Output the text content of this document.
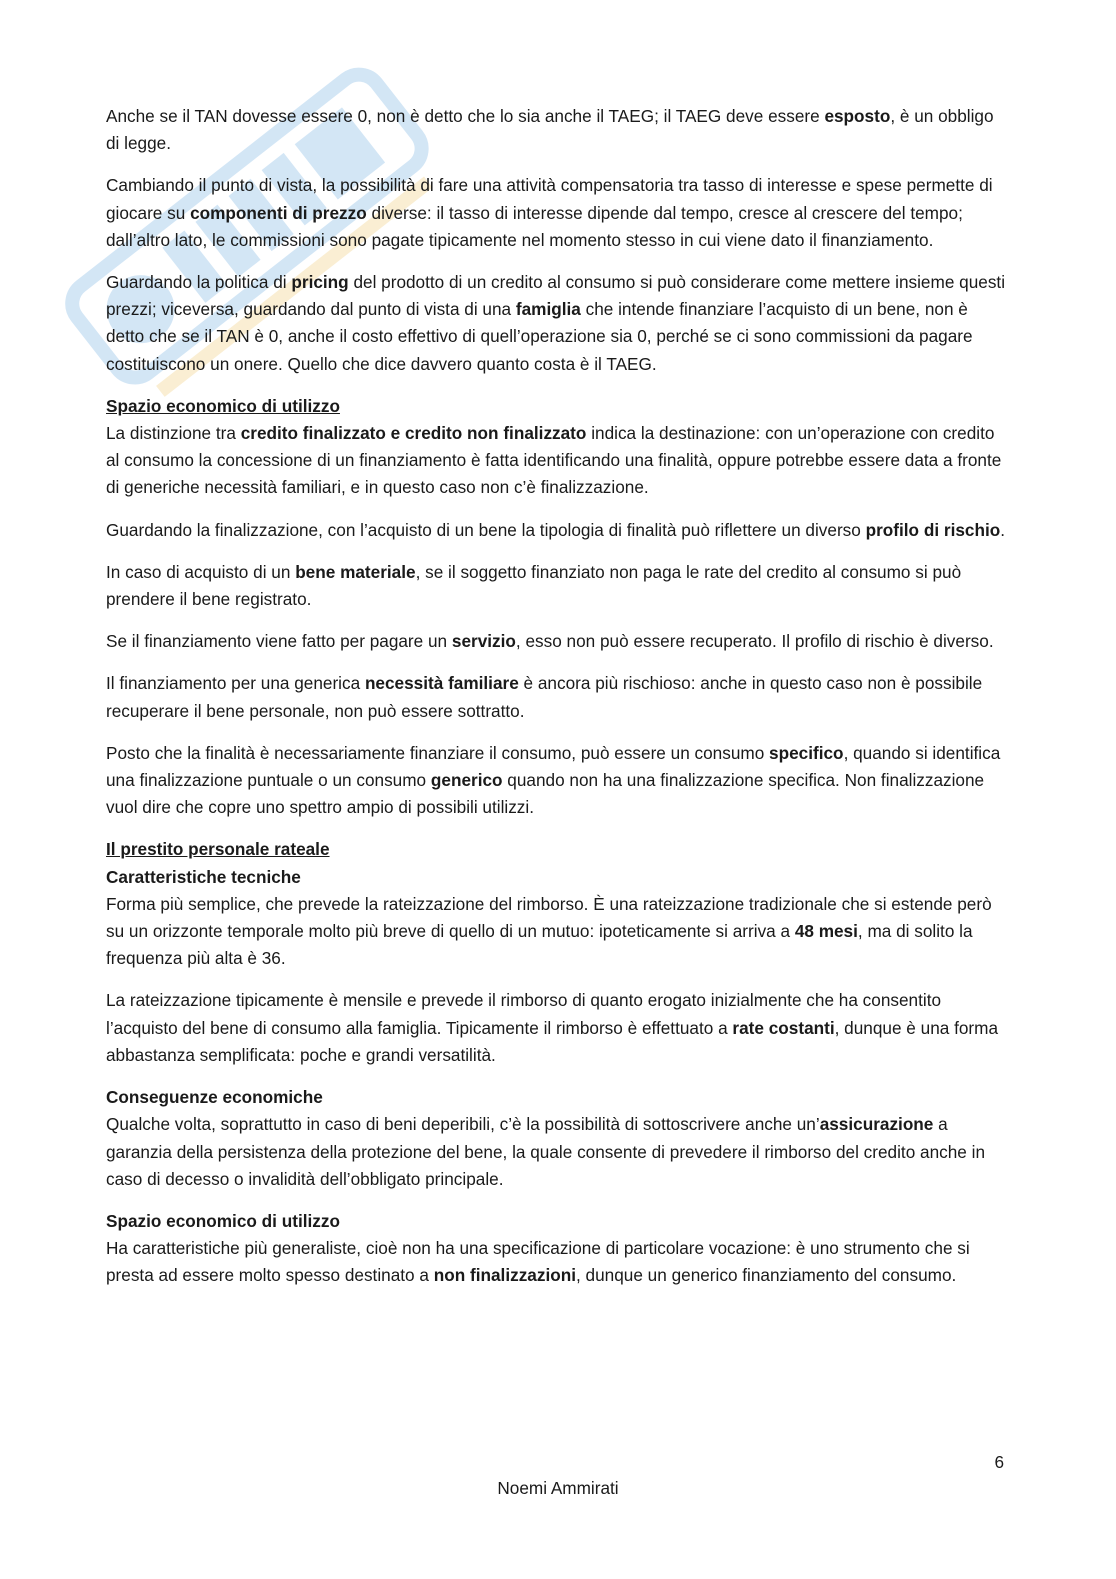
Anche se il TAN dovesse essere 0, non è detto che lo sia anche il TAEG; il TAEG deve essere esposto, è un obbligo di legge.

Cambiando il punto di vista, la possibilità di fare una attività compensatoria tra tasso di interesse e spese permette di giocare su componenti di prezzo diverse: il tasso di interesse dipende dal tempo, cresce al crescere del tempo; dall’altro lato, le commissioni sono pagate tipicamente nel momento stesso in cui viene dato il finanziamento.

Guardando la politica di pricing del prodotto di un credito al consumo si può considerare come mettere insieme questi prezzi; viceversa, guardando dal punto di vista di una famiglia che intende finanziare l’acquisto di un bene, non è detto che se il TAN è 0, anche il costo effettivo di quell’operazione sia 0, perché se ci sono commissioni da pagare costituiscono un onere. Quello che dice davvero quanto costa è il TAEG.

Spazio economico di utilizzo

La distinzione tra credito finalizzato e credito non finalizzato indica la destinazione: con un’operazione con credito al consumo la concessione di un finanziamento è fatta identificando una finalità, oppure potrebbe essere data a fronte di generiche necessità familiari, e in questo caso non c’è finalizzazione.

Guardando la finalizzazione, con l’acquisto di un bene la tipologia di finalità può riflettere un diverso profilo di rischio.

In caso di acquisto di un bene materiale, se il soggetto finanziato non paga le rate del credito al consumo si può prendere il bene registrato.

Se il finanziamento viene fatto per pagare un servizio, esso non può essere recuperato. Il profilo di rischio è diverso.

Il finanziamento per una generica necessità familiare è ancora più rischioso: anche in questo caso non è possibile recuperare il bene personale, non può essere sottratto.

Posto che la finalità è necessariamente finanziare il consumo, può essere un consumo specifico, quando si identifica una finalizzazione puntuale o un consumo generico quando non ha una finalizzazione specifica. Non finalizzazione vuol dire che copre uno spettro ampio di possibili utilizzi.

Il prestito personale rateale
Caratteristiche tecniche

Forma più semplice, che prevede la rateizzazione del rimborso. È una rateizzazione tradizionale che si estende però su un orizzonte temporale molto più breve di quello di un mutuo: ipoteticamente si arriva a 48 mesi, ma di solito la frequenza più alta è 36.

La rateizzazione tipicamente è mensile e prevede il rimborso di quanto erogato inizialmente che ha consentito l’acquisto del bene di consumo alla famiglia. Tipicamente il rimborso è effettuato a rate costanti, dunque è una forma abbastanza semplificata: poche e grandi versatilità.

Conseguenze economiche

Qualche volta, soprattutto in caso di beni deperibili, c’è la possibilità di sottoscrivere anche un’assicurazione a garanzia della persistenza della protezione del bene, la quale consente di prevedere il rimborso del credito anche in caso di decesso o invalidità dell’obbligato principale.

Spazio economico di utilizzo

Ha caratteristiche più generaliste, cioè non ha una specificazione di particolare vocazione: è uno strumento che si presta ad essere molto spesso destinato a non finalizzazioni, dunque un generico finanziamento del consumo.

6
Noemi Ammirati
